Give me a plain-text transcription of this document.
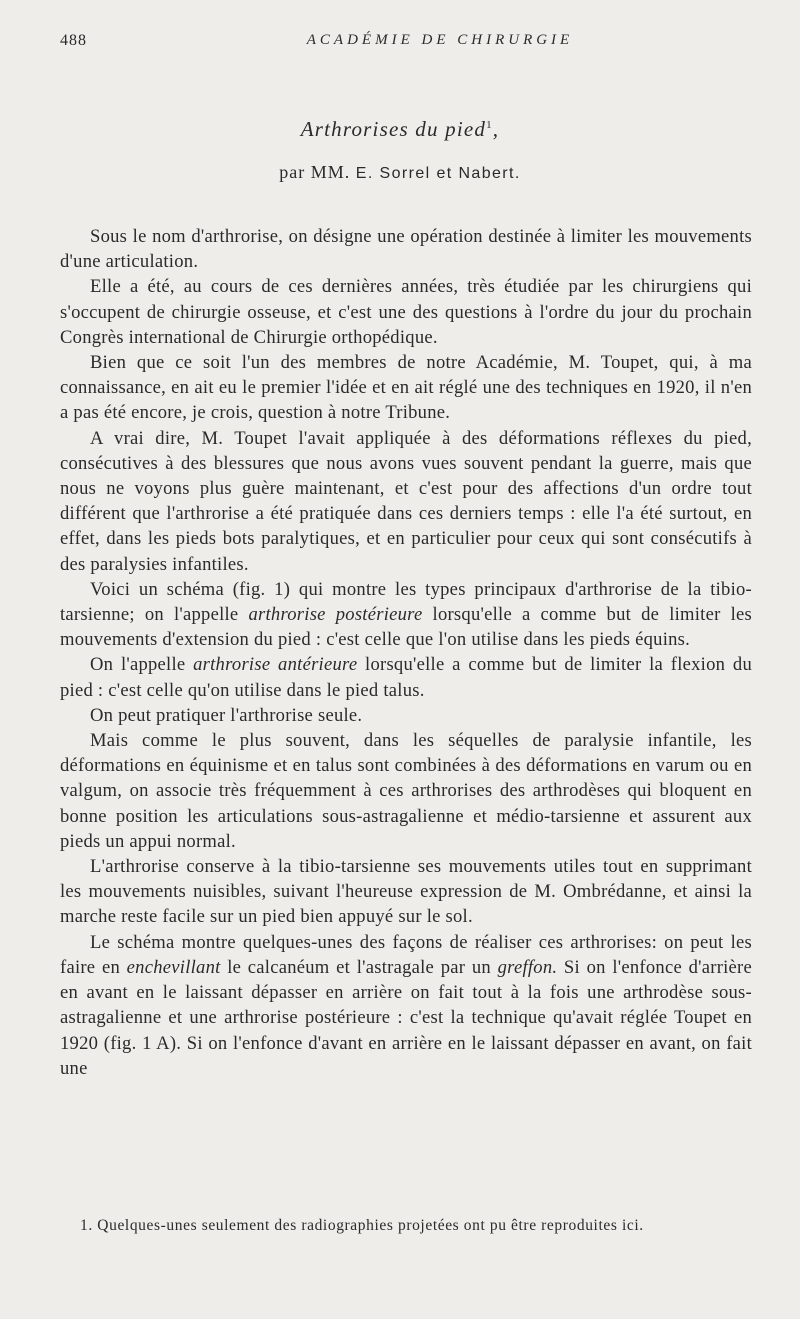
488	ACADÉMIE DE CHIRURGIE
Arthrorises du pied$^1$,
par MM. E. Sorrel et Nabert.

Sous le nom d'arthrorise, on désigne une opération destinée à limiter les mouvements d'une articulation.

Elle a été, au cours de ces dernières années, très étudiée par les chirurgiens qui s'occupent de chirurgie osseuse, et c'est une des questions à l'ordre du jour du prochain Congrès international de Chirurgie orthopédique.

Bien que ce soit l'un des membres de notre Académie, M. Toupet, qui, à ma connaissance, en ait eu le premier l'idée et en ait réglé une des techniques en 1920, il n'en a pas été encore, je crois, question à notre Tribune.

A vrai dire, M. Toupet l'avait appliquée à des déformations réflexes du pied, consécutives à des blessures que nous avons vues souvent pendant la guerre, mais que nous ne voyons plus guère maintenant, et c'est pour des affections d'un ordre tout différent que l'arthrorise a été pratiquée dans ces derniers temps : elle l'a été surtout, en effet, dans les pieds bots paralytiques, et en particulier pour ceux qui sont consécutifs à des paralysies infantiles.

Voici un schéma (fig. 1) qui montre les types principaux d'arthrorise de la tibio-tarsienne; on l'appelle arthrorise postérieure lorsqu'elle a comme but de limiter les mouvements d'extension du pied : c'est celle que l'on utilise dans les pieds équins.

On l'appelle arthrorise antérieure lorsqu'elle a comme but de limiter la flexion du pied : c'est celle qu'on utilise dans le pied talus.

On peut pratiquer l'arthrorise seule.

Mais comme le plus souvent, dans les séquelles de paralysie infantile, les déformations en équinisme et en talus sont combinées à des déformations en varum ou en valgum, on associe très fréquemment à ces arthrorises des arthrodèses qui bloquent en bonne position les articulations sous-astragalienne et médio-tarsienne et assurent aux pieds un appui normal.

L'arthrorise conserve à la tibio-tarsienne ses mouvements utiles tout en supprimant les mouvements nuisibles, suivant l'heureuse expression de M. Ombrédanne, et ainsi la marche reste facile sur un pied bien appuyé sur le sol.

Le schéma montre quelques-unes des façons de réaliser ces arthrorises: on peut les faire en enchevillant le calcanéum et l'astragale par un greffon. Si on l'enfonce d'arrière en avant en le laissant dépasser en arrière on fait tout à la fois une arthrodèse sous-astragalienne et une arthrorise postérieure : c'est la technique qu'avait réglée Toupet en 1920 (fig. 1 A). Si on l'enfonce d'avant en arrière en le laissant dépasser en avant, on fait une

1. Quelques-unes seulement des radiographies projetées ont pu être reproduites ici.
